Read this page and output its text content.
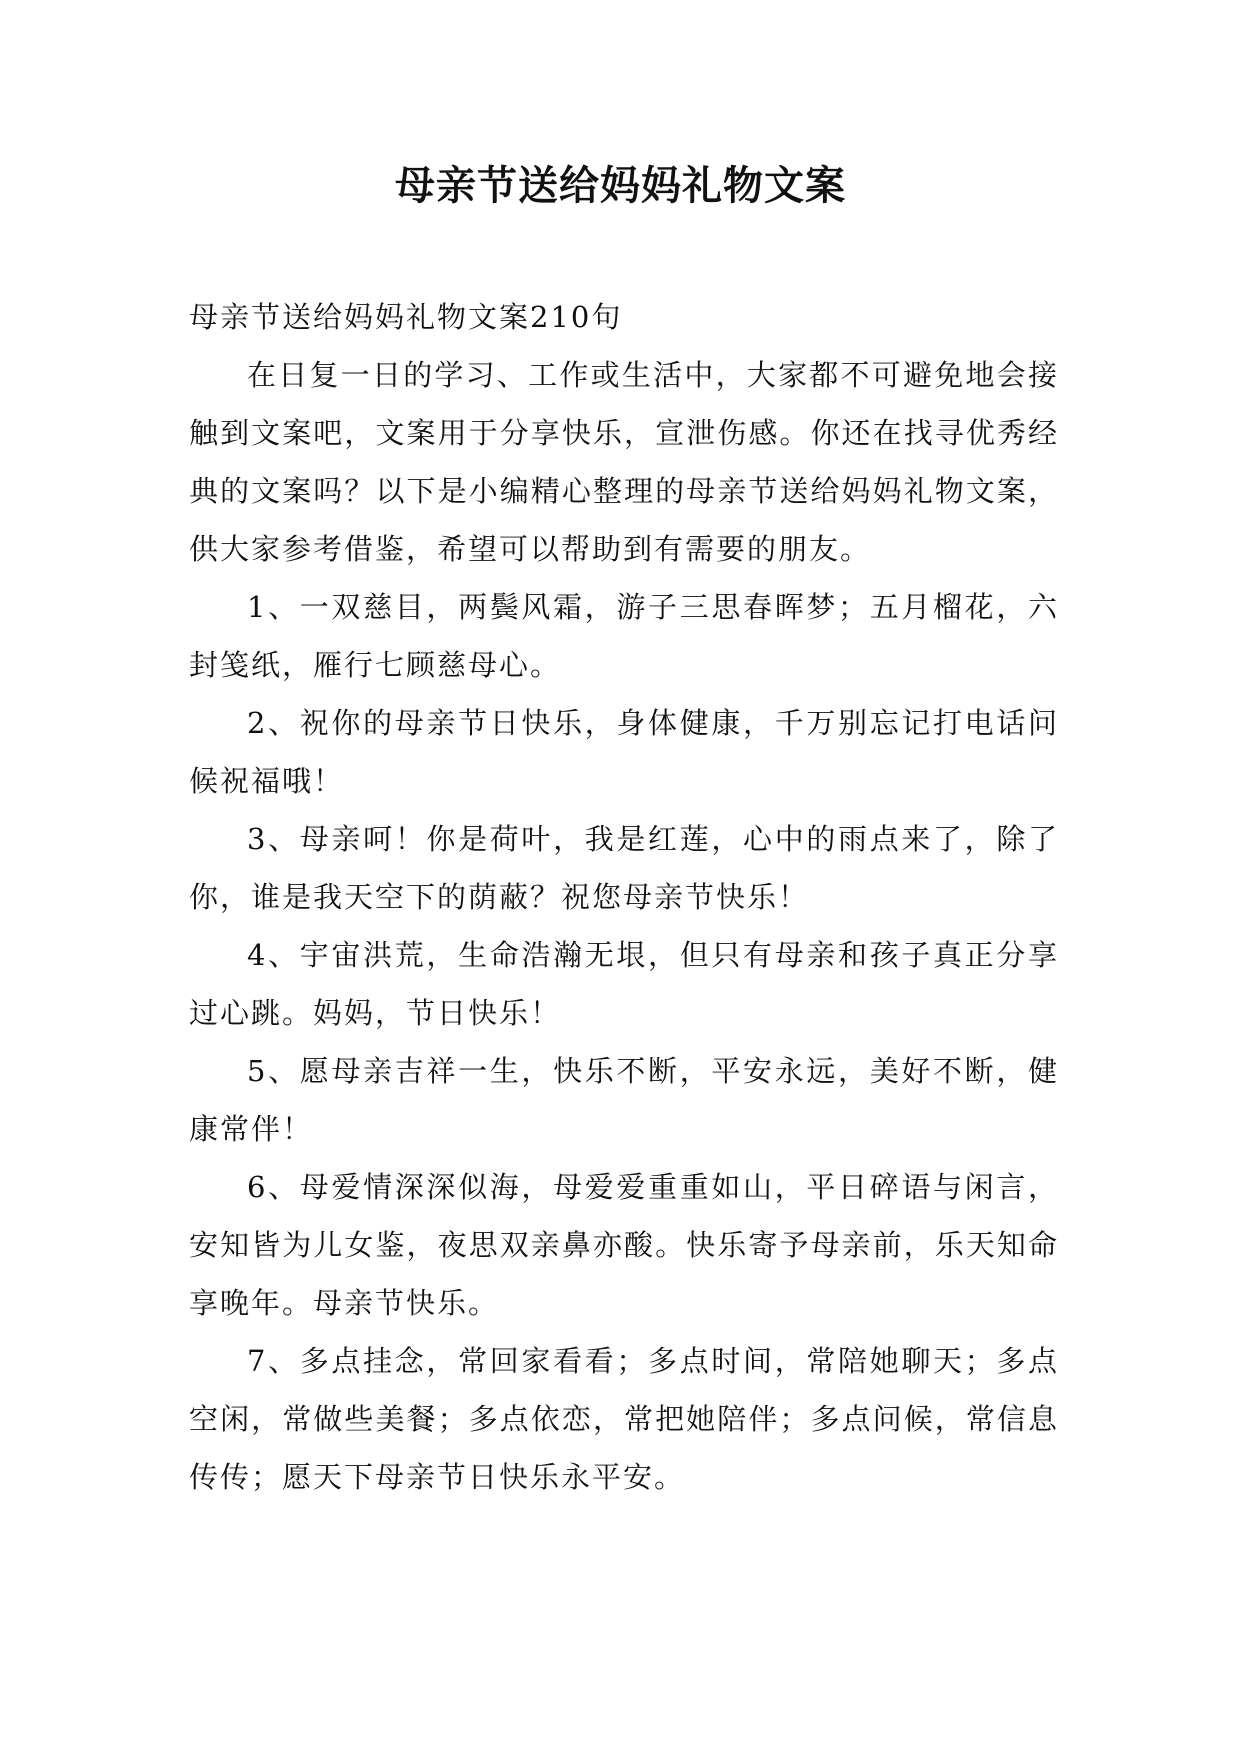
母亲节送给妈妈礼物文案

母亲节送给妈妈礼物文案210句

在日复一日的学习、工作或生活中，大家都不可避免地会接触到文案吧，文案用于分享快乐，宣泄伤感。你还在找寻优秀经典的文案吗？以下是小编精心整理的母亲节送给妈妈礼物文案，供大家参考借鉴，希望可以帮助到有需要的朋友。

1、一双慈目，两鬓风霜，游子三思春晖梦；五月榴花，六封笺纸，雁行七顾慈母心。

2、祝你的母亲节日快乐，身体健康，千万别忘记打电话问候祝福哦！

3、母亲呵！你是荷叶，我是红莲，心中的雨点来了，除了你，谁是我天空下的荫蔽？祝您母亲节快乐！

4、宇宙洪荒，生命浩瀚无垠，但只有母亲和孩子真正分享过心跳。妈妈，节日快乐！

5、愿母亲吉祥一生，快乐不断，平安永远，美好不断，健康常伴！

6、母爱情深深似海，母爱爱重重如山，平日碎语与闲言，安知皆为儿女鉴，夜思双亲鼻亦酸。快乐寄予母亲前，乐天知命享晚年。母亲节快乐。

7、多点挂念，常回家看看；多点时间，常陪她聊天；多点空闲，常做些美餐；多点依恋，常把她陪伴；多点问候，常信息传传；愿天下母亲节日快乐永平安。
